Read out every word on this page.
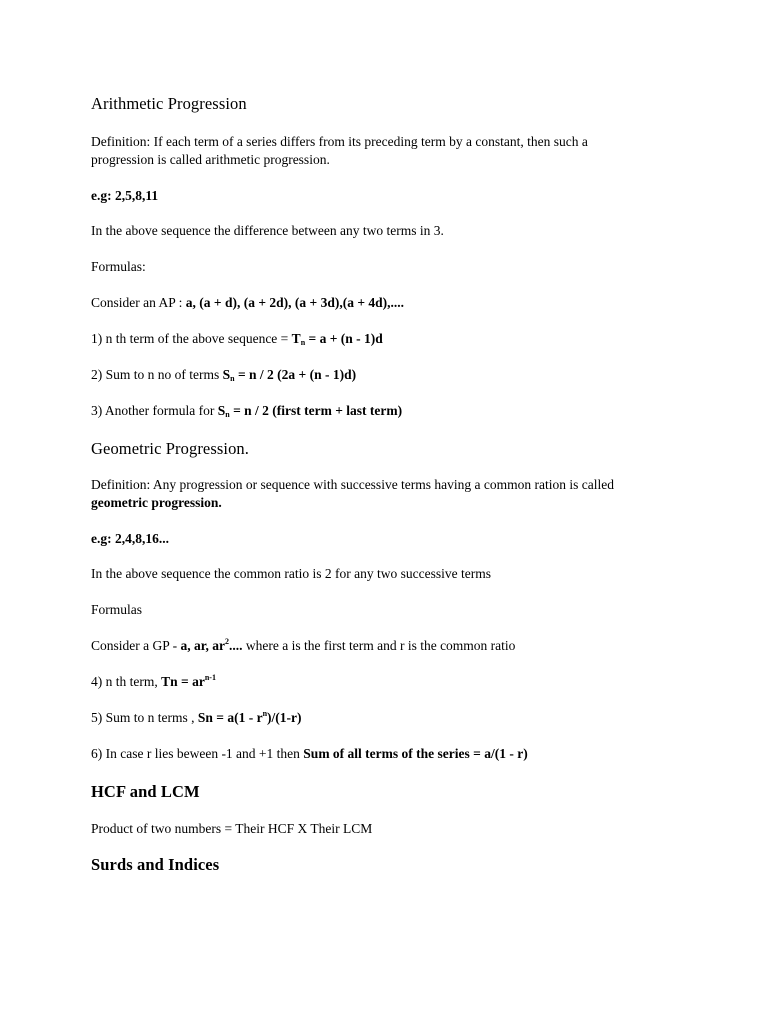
Arithmetic Progression

Definition: If each term of a series differs from its preceding term by a constant, then such a

progression is called arithmetic progression.

e.g: 2,5,8,11

In the above sequence the difference between any two terms in 3.

Formulas:

Consider an AP : a, (a + d), (a + 2d), (a + 3d),(a + 4d),....

1) n th term of the above sequence = $T_n = a + (n - 1)d$

2) Sum to n no of terms $S_n = n / 2$ (2a + (n - 1)d)

3) Another formula for $S_n = n / 2$ (first term + last term)

Geometric Progression.

Definition: Any progression or sequence with successive terms having a common ration is called

geometric progression.

e.g: 2,4,8,16...

In the above sequence the common ratio is 2 for any two successive terms

Formulas

Consider a GP - a, ar, $ar^2$.... where a is the first term and r is the common ratio

4) n th term, $Tn = ar^{n-1}$

5) Sum to n terms , $Sn = a(1 - r^n)/(1-r)$

6) In case r lies beween -1 and +1 then Sum of all terms of the series = a/(1 - r)

HCF and LCM

Product of two numbers = Their HCF X Their LCM

Surds and Indices
